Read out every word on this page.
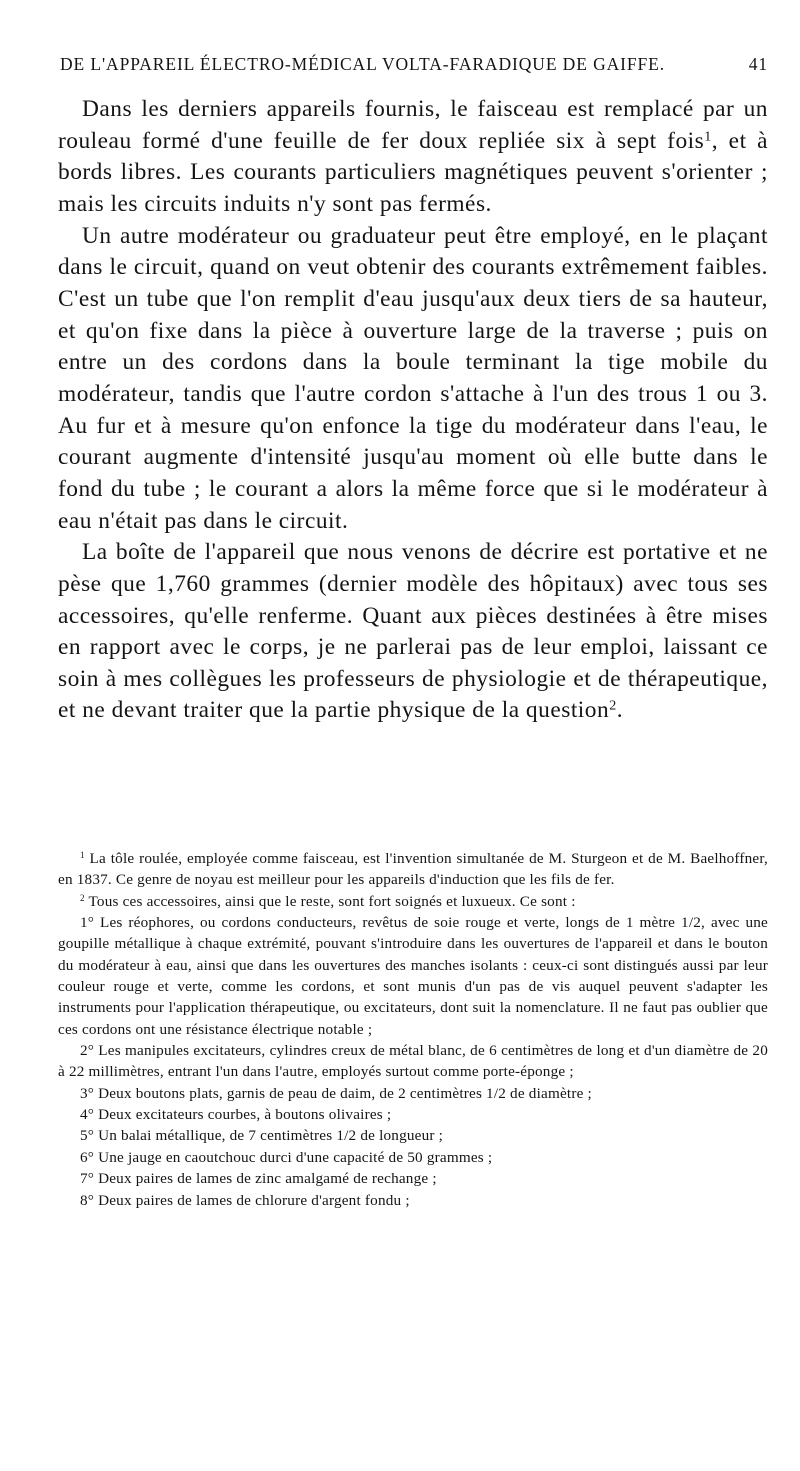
DE L'APPAREIL ÉLECTRO-MÉDICAL VOLTA-FARADIQUE DE GAIFFE.	41

Dans les derniers appareils fournis, le faisceau est remplacé par un rouleau formé d'une feuille de fer doux repliée six à sept fois$^1$, et à bords libres. Les courants particuliers magnétiques peuvent s'orienter ; mais les circuits induits n'y sont pas fermés.

Un autre modérateur ou graduateur peut être employé, en le plaçant dans le circuit, quand on veut obtenir des courants extrêmement faibles. C'est un tube que l'on remplit d'eau jusqu'aux deux tiers de sa hauteur, et qu'on fixe dans la pièce à ouverture large de la traverse ; puis on entre un des cordons dans la boule terminant la tige mobile du modérateur, tandis que l'autre cordon s'attache à l'un des trous 1 ou 3. Au fur et à mesure qu'on enfonce la tige du modérateur dans l'eau, le courant augmente d'intensité jusqu'au moment où elle butte dans le fond du tube ; le courant a alors la même force que si le modérateur à eau n'était pas dans le circuit.

La boîte de l'appareil que nous venons de décrire est portative et ne pèse que 1,760 grammes (dernier modèle des hôpitaux) avec tous ses accessoires, qu'elle renferme. Quant aux pièces destinées à être mises en rapport avec le corps, je ne parlerai pas de leur emploi, laissant ce soin à mes collègues les professeurs de physiologie et de thérapeutique, et ne devant traiter que la partie physique de la question$^2$.

$^1$ La tôle roulée, employée comme faisceau, est l'invention simultanée de M. Sturgeon et de M. Baelhoffner, en 1837. Ce genre de noyau est meilleur pour les appareils d'induction que les fils de fer.

$^2$ Tous ces accessoires, ainsi que le reste, sont fort soignés et luxueux. Ce sont :

1° Les réophores, ou cordons conducteurs, revêtus de soie rouge et verte, longs de 1 mètre 1/2, avec une goupille métallique à chaque extrémité, pouvant s'introduire dans les ouvertures de l'appareil et dans le bouton du modérateur à eau, ainsi que dans les ouvertures des manches isolants : ceux-ci sont distingués aussi par leur couleur rouge et verte, comme les cordons, et sont munis d'un pas de vis auquel peuvent s'adapter les instruments pour l'application thérapeutique, ou excitateurs, dont suit la nomenclature. Il ne faut pas oublier que ces cordons ont une résistance électrique notable ;

2° Les manipules excitateurs, cylindres creux de métal blanc, de 6 centimètres de long et d'un diamètre de 20 à 22 millimètres, entrant l'un dans l'autre, employés surtout comme porte-éponge ;

3° Deux boutons plats, garnis de peau de daim, de 2 centimètres 1/2 de diamètre ;

4° Deux excitateurs courbes, à boutons olivaires ;

5° Un balai métallique, de 7 centimètres 1/2 de longueur ;

6° Une jauge en caoutchouc durci d'une capacité de 50 grammes ;

7° Deux paires de lames de zinc amalgamé de rechange ;

8° Deux paires de lames de chlorure d'argent fondu ;
